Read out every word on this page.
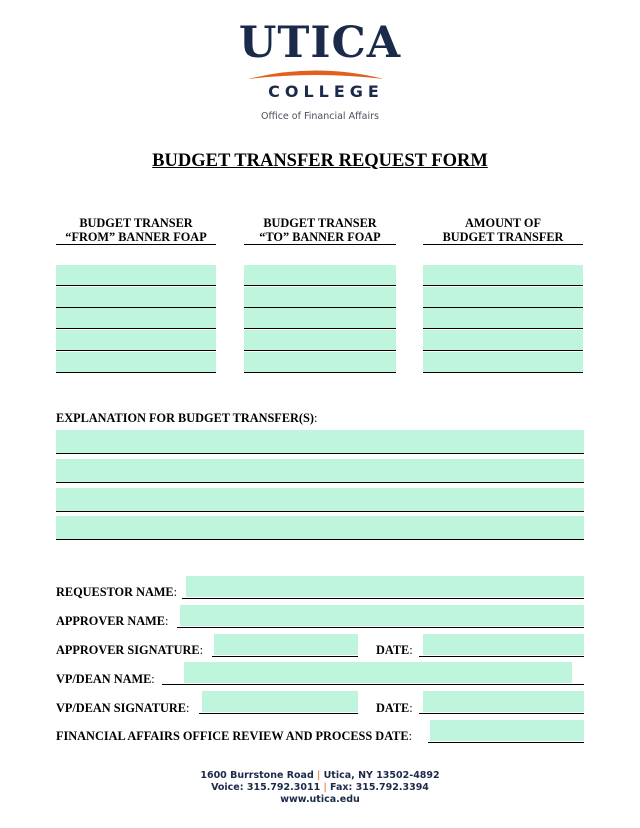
UTICA
COLLEGE
Office of Financial Affairs
BUDGET TRANSFER REQUEST FORM
BUDGET TRANSER
“FROM” BANNER FOAP
BUDGET TRANSER
“TO” BANNER FOAP
AMOUNT OF
BUDGET TRANSFER
EXPLANATION FOR BUDGET TRANSFER(S):
REQUESTOR NAME:
APPROVER NAME:
APPROVER SIGNATURE:	DATE:
VP/DEAN NAME:
VP/DEAN SIGNATURE:	DATE:
FINANCIAL AFFAIRS OFFICE REVIEW AND PROCESS DATE:
1600 Burrstone Road | Utica, NY 13502-4892
Voice: 315.792.3011 | Fax: 315.792.3394
www.utica.edu
